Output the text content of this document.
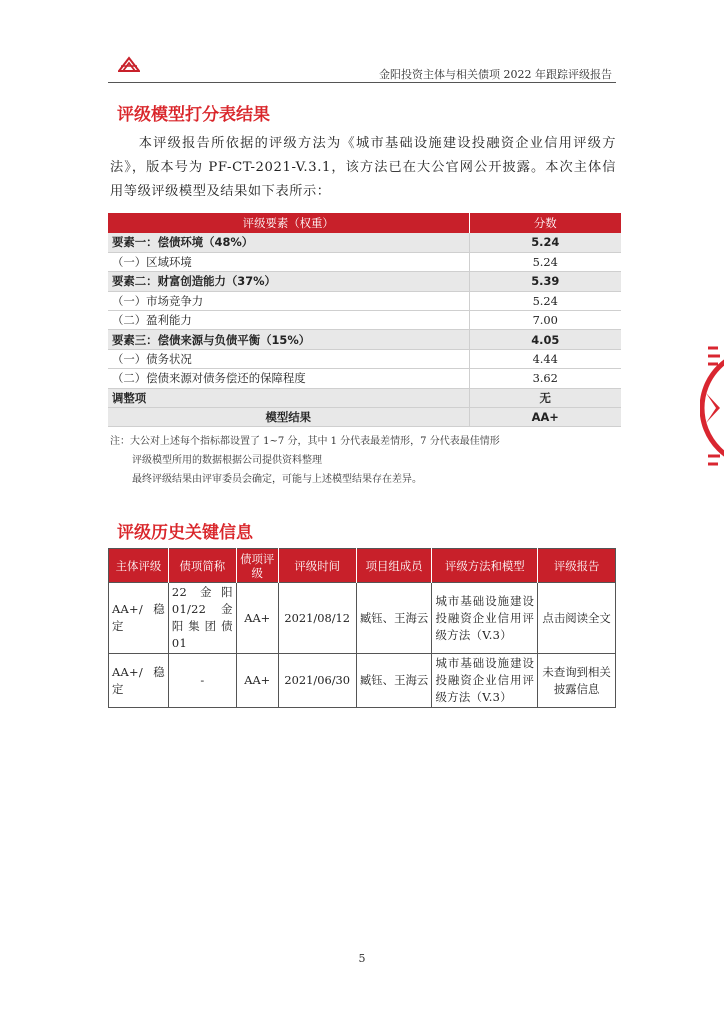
金阳投资主体与相关债项 2022 年跟踪评级报告
评级模型打分表结果
本评级报告所依据的评级方法为《城市基础设施建设投融资企业信用评级方法》，版本号为 PF-CT-2021-V.3.1，该方法已在大公官网公开披露。本次主体信用等级评级模型及结果如下表所示：
评级要素（权重）	分数
要素一：偿债环境（48%）	5.24
（一）区域环境	5.24
要素二：财富创造能力（37%）	5.39
（一）市场竞争力	5.24
（二）盈利能力	7.00
要素三：偿债来源与负债平衡（15%）	4.05
（一）债务状况	4.44
（二）偿债来源对债务偿还的保障程度	3.62
调整项	无
模型结果	AA+
注：大公对上述每个指标都设置了 1~7 分，其中 1 分代表最差情形，7 分代表最佳情形
评级模型所用的数据根据公司提供资料整理
最终评级结果由评审委员会确定，可能与上述模型结果存在差异。
评级历史关键信息
主体评级	债项简称	债项评级	评级时间	项目组成员	评级方法和模型	评级报告
AA+/ 稳定	22 金阳 01/22 金阳集团债 01	AA+	2021/08/12	臧钰、王海云	城市基础设施建设投融资企业信用评级方法（V.3）	点击阅读全文
AA+/ 稳定	-	AA+	2021/06/30	臧钰、王海云	城市基础设施建设投融资企业信用评级方法（V.3）	未查询到相关披露信息
5
